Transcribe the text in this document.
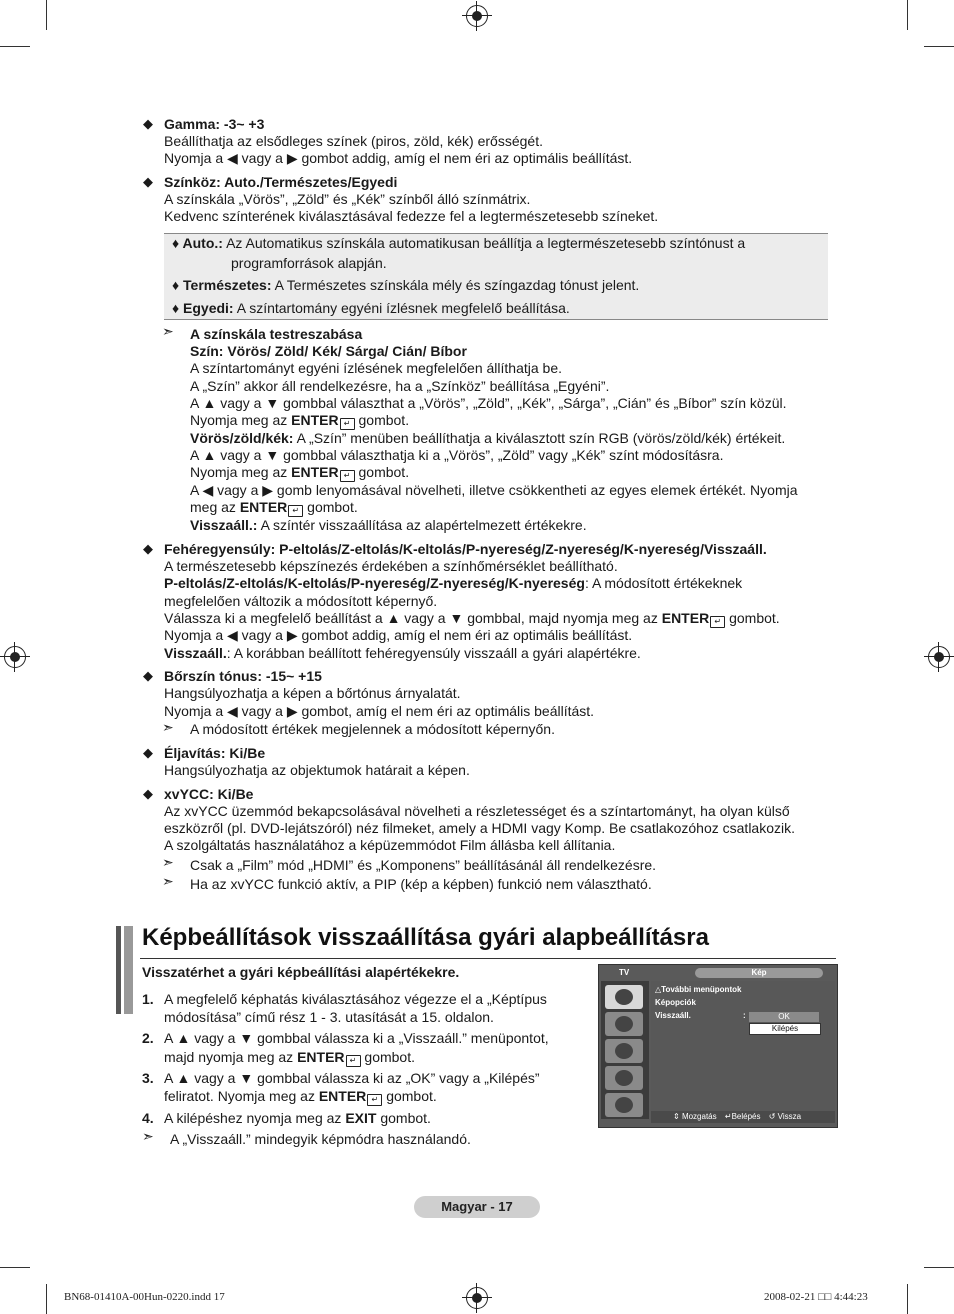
◆ Gamma: -3~ +3
Beállíthatja az elsődleges színek (piros, zöld, kék) erősségét.
Nyomja a ◀ vagy a ▶ gombot addig, amíg el nem éri az optimális beállítást.
◆ Színköz: Auto./Természetes/Egyedi
A színskála „Vörös”, „Zöld” és „Kék” színből álló színmátrix.
Kedvenc színterének kiválasztásával fedezze fel a legtermészetesebb színeket.
♦ Auto.: Az Automatikus színskála automatikusan beállítja a legtermészetesebb színtónust a
programforrások alapján.
♦ Természetes: A Természetes színskála mély és színgazdag tónust jelent.
♦ Egyedi: A színtartomány egyéni ízlésnek megfelelő beállítása.
➣ A színskála testreszabása
Szín: Vörös/ Zöld/ Kék/ Sárga/ Cián/ Bíbor
A színtartományt egyéni ízlésének megfelelően állíthatja be.
A „Szín” akkor áll rendelkezésre, ha a „Színköz” beállítása „Egyéni”.
A ▲ vagy a ▼ gombbal választhat a „Vörös”, „Zöld”, „Kék”, „Sárga”, „Cián” és „Bíbor” szín közül.
Nyomja meg az ENTER ↵ gombot.
Vörös/zöld/kék: A „Szín” menüben beállíthatja a kiválasztott szín RGB (vörös/zöld/kék) értékeit.
A ▲ vagy a ▼ gombbal választhatja ki a „Vörös”, „Zöld” vagy „Kék” színt módosításra.
Nyomja meg az ENTER ↵ gombot.
A ◀ vagy a ▶ gomb lenyomásával növelheti, illetve csökkentheti az egyes elemek értékét. Nyomja
meg az ENTER ↵ gombot.
Visszaáll.: A színtér visszaállítása az alapértelmezett értékekre.
◆ Fehéregyensúly: P-eltolás/Z-eltolás/K-eltolás/P-nyereség/Z-nyereség/K-nyereség/Visszaáll.
A természetesebb képszínezés érdekében a színhőmérséklet beállítható.
P-eltolás/Z-eltolás/K-eltolás/P-nyereség/Z-nyereség/K-nyereség: A módosított értékeknek
megfelelően változik a módosított képernyő.
Válassza ki a megfelelő beállítást a ▲ vagy a ▼ gombbal, majd nyomja meg az ENTER ↵ gombot.
Nyomja a ◀ vagy a ▶ gombot addig, amíg el nem éri az optimális beállítást.
Visszaáll.: A korábban beállított fehéregyensúly visszaáll a gyári alapértékre.
◆ Bőrszín tónus: -15~ +15
Hangsúlyozhatja a képen a bőrtónus árnyalatát.
Nyomja a ◀ vagy a ▶ gombot, amíg el nem éri az optimális beállítást.
➣ A módosított értékek megjelennek a módosított képernyőn.
◆ Éljavítás: Ki/Be
Hangsúlyozhatja az objektumok határait a képen.
◆ xvYCC: Ki/Be
Az xvYCC üzemmód bekapcsolásával növelheti a részletességet és a színtartományt, ha olyan külső
eszközről (pl. DVD-lejátszóról) néz filmeket, amely a HDMI vagy Komp. Be csatlakozóhoz csatlakozik.
A szolgáltatás használatához a képüzemmódot Film állásba kell állítania.
➣ Csak a „Film” mód „HDMI” és „Komponens” beállításánál áll rendelkezésre.
➣ Ha az xvYCC funkció aktív, a PIP (kép a képben) funkció nem választható.
Képbeállítások visszaállítása gyári alapbeállításra
Visszatérhet a gyári képbeállítási alapértékekre.
1. A megfelelő képhatás kiválasztásához végezze el a „Képtípus
módosítása” című rész 1 - 3. utasítását a 15. oldalon.
2. A ▲ vagy a ▼ gombbal válassza ki a „Visszaáll.” menüpontot,
majd nyomja meg az ENTER ↵ gombot.
3. A ▲ vagy a ▼ gombbal válassza ki az „OK” vagy a „Kilépés”
feliratot. Nyomja meg az ENTER ↵ gombot.
4. A kilépéshez nyomja meg az EXIT gombot.
➣ A „Visszaáll.” mindegyik képmódra használandó.
TV	Kép
△További menüpontok
Képopciók
Visszaáll.	:	OK
Kilépés
⇕ Mozgatás ↵Belépés ↺ Vissza
Magyar - 17
BN68-01410A-00Hun-0220.indd 17	2008-02-21 □□ 4:44:23
